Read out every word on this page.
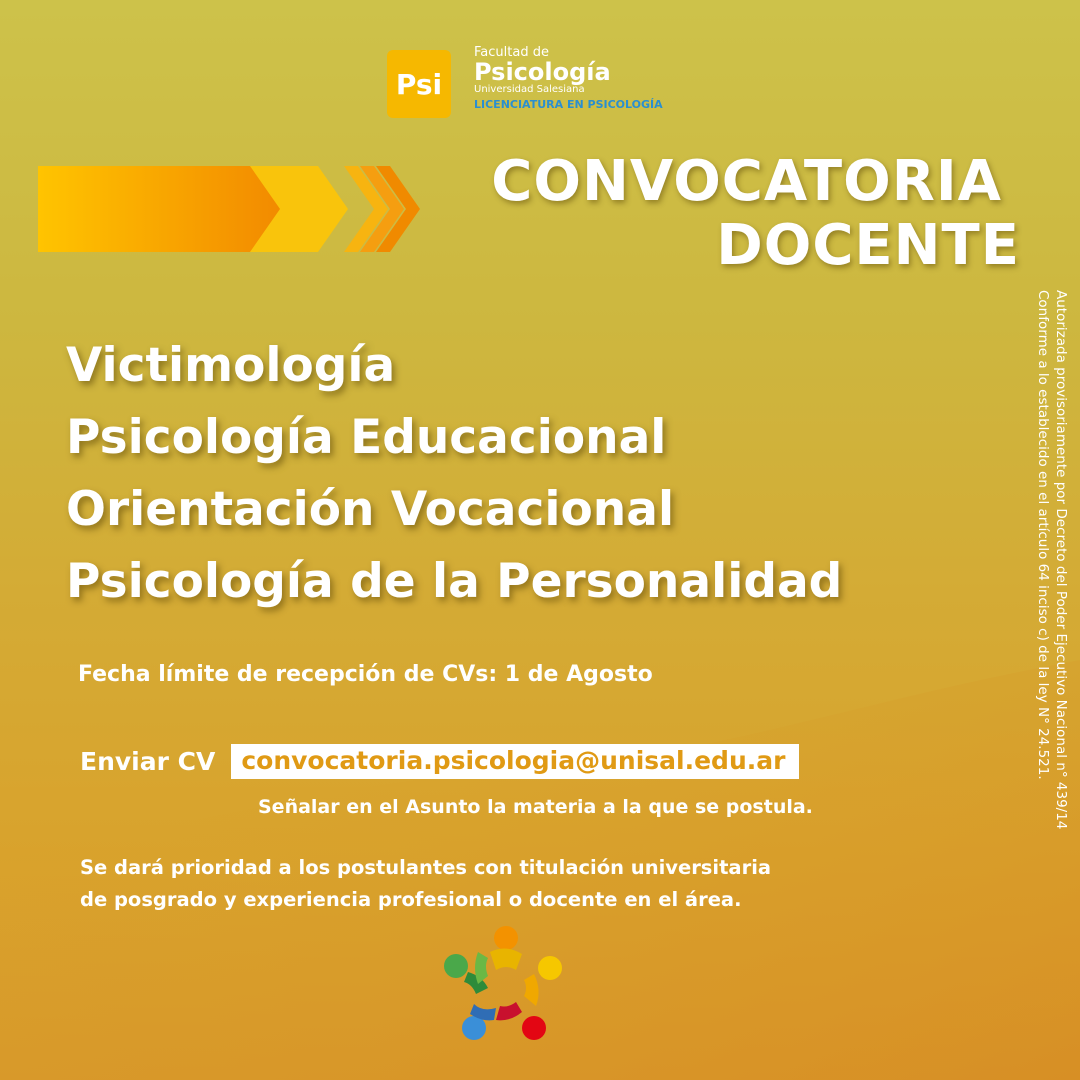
Psi
Facultad de
Psicología
Universidad Salesiana
LICENCIATURA EN PSICOLOGÍA
CONVOCATORIA
DOCENTE
Victimología
Psicología Educacional
Orientación Vocacional
Psicología de la Personalidad
Fecha límite de recepción de CVs: 1 de Agosto
Enviar CV	convocatoria.psicologia@unisal.edu.ar
Señalar en el Asunto la materia a la que se postula.
Se dará prioridad a los postulantes con titulación universitaria
de posgrado y experiencia profesional o docente en el área.
Autorizada provisoriamente por Decreto del Poder Ejecutivo Nacional n° 439/14
Conforme a lo establecido en el artículo 64 inciso c) de la ley N° 24.521.
